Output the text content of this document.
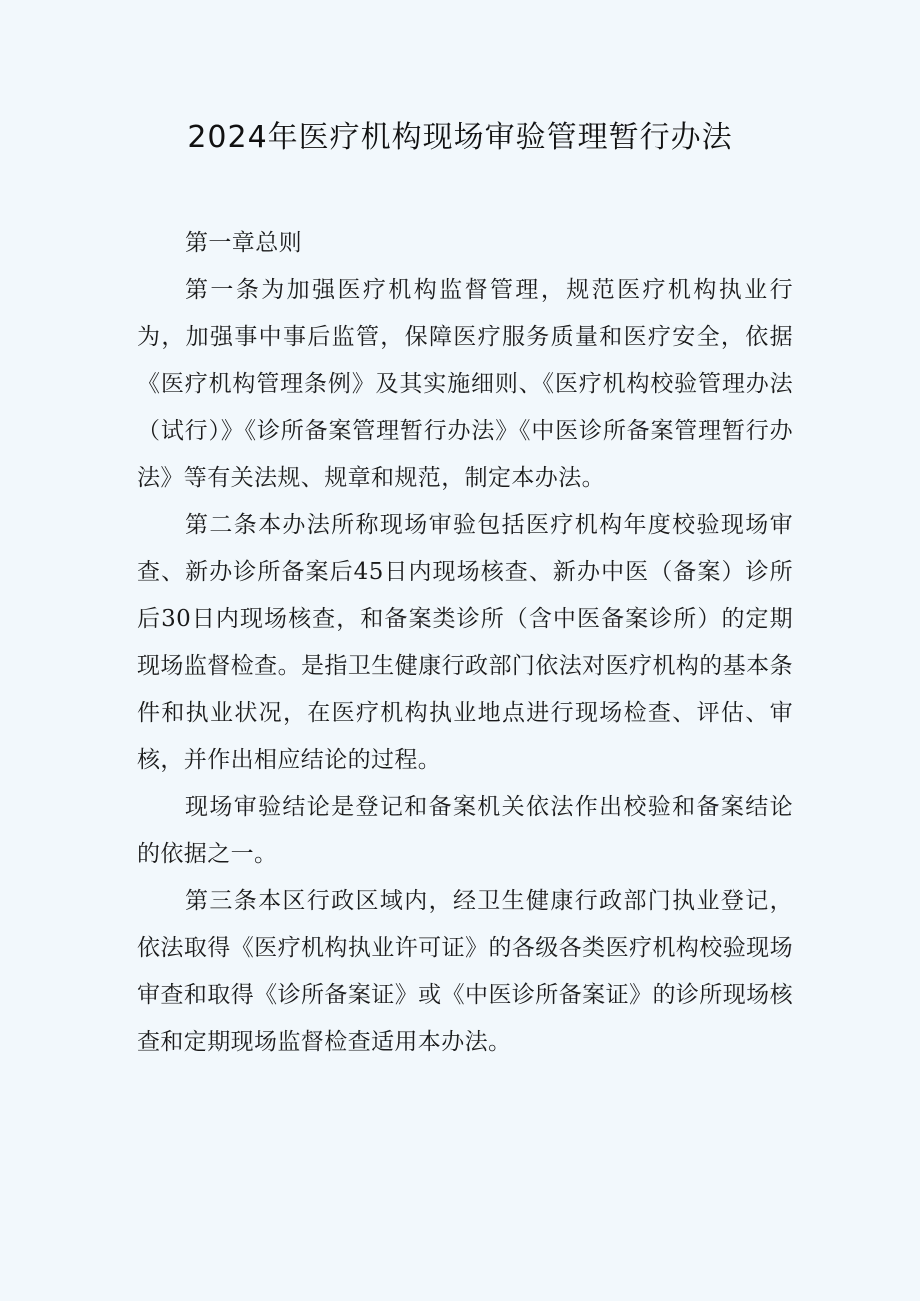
2024年医疗机构现场审验管理暂行办法

第一章总则

第一条为加强医疗机构监督管理，规范医疗机构执业行为，加强事中事后监管，保障医疗服务质量和医疗安全，依据《医疗机构管理条例》及其实施细则、《医疗机构校验管理办法（试行）》《诊所备案管理暂行办法》《中医诊所备案管理暂行办法》等有关法规、规章和规范，制定本办法。

第二条本办法所称现场审验包括医疗机构年度校验现场审查、新办诊所备案后45日内现场核查、新办中医（备案）诊所后30日内现场核查，和备案类诊所（含中医备案诊所）的定期现场监督检查。是指卫生健康行政部门依法对医疗机构的基本条件和执业状况，在医疗机构执业地点进行现场检查、评估、审核，并作出相应结论的过程。

现场审验结论是登记和备案机关依法作出校验和备案结论的依据之一。

第三条本区行政区域内，经卫生健康行政部门执业登记，依法取得《医疗机构执业许可证》的各级各类医疗机构校验现场审查和取得《诊所备案证》或《中医诊所备案证》的诊所现场核查和定期现场监督检查适用本办法。
